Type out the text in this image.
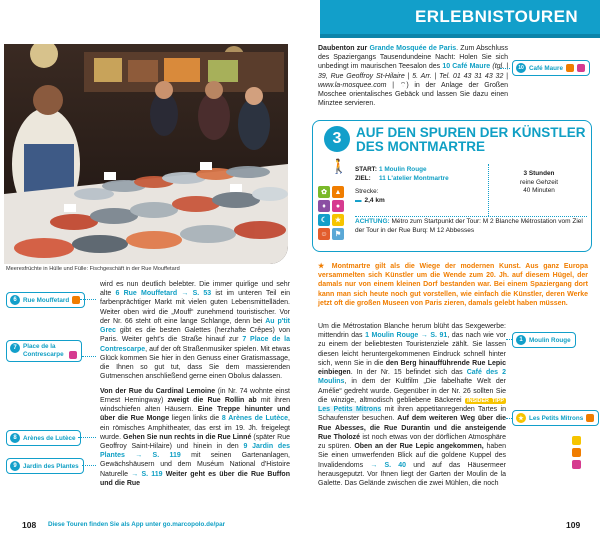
ERLEBNISTOUREN
Meeresfrüchte in Hülle und Fülle: Fischgeschäft in der Rue Mouffetard
6	Rue Mouffetard
7	Place de la Contrescarpe
8	Arènes de Lutèce
9	Jardin des Plantes

wird es nun deutlich belebter. Die immer quirlige und sehr alte 6 Rue Mouffetard → S. 53 ist im unteren Teil ein farbenprächtiger Markt mit vielen guten Lebensmittelläden. Weiter oben wird die „Mouff“ zunehmend touristischer. Vor der Nr. 66 steht oft eine lange Schlange, denn bei Au p'tit Grec gibt es die besten Galettes (herzhafte Crêpes) von Paris. Weiter geht's die Straße hinauf zur 7 Place de la Contrescarpe, auf der oft Straßenmusiker spielen. Mit etwas Glück kommen Sie hier in den Genuss einer Gratismassage, die Ihnen so gut tut, dass Sie dem massierenden Gutmenschen anschließend gerne einen Obolus dalassen.

Von der Rue du Cardinal Lemoine (in Nr. 74 wohnte einst Ernest Hemingway) zweigt die Rue Rollin ab mit ihren windschiefen alten Häusern. Eine Treppe hinunter und über die Rue Monge liegen links die 8 Arènes de Lutèce, ein römisches Amphitheater, das erst im 19. Jh. freigelegt wurde. Gehen Sie nun rechts in die Rue Linné (später Rue Geoffroy Saint-Hilaire) und hinein in den 9 Jardin des Plantes → S. 119 mit seinen Gartenanlagen, Gewächshäusern und dem Muséum National d'Histoire Naturelle → S. 119 Weiter geht es über die Rue Buffon und die Rue

Daubenton zur Grande Mosquée de Paris. Zum Abschluss des Spaziergangs Tausendundeine Nacht: Holen Sie sich unbedingt im maurischen Teesalon des 10 Café Maure (tgl. | 39, Rue Geoffroy St-Hilaire | 5. Arr. | Tel. 01 43 31 43 32 | www.la-mosquee.com | ⌔) in der Anlage der Großen Moschee orientalisches Gebäck und lassen Sie dazu einen Minztee servieren.
10 Café Maure
3
🚶
AUF DEN SPUREN DER KÜNSTLER DES MONTMARTRE
START: 1 Moulin Rouge
ZIEL:	11 L'atelier Montmartre
Strecke:
▬ 2,4 km
3 Stunden
reine Gehzeit
40 Minuten
✿	▲
♦	●
☾	★
☺	⚑
ACHTUNG: Métro zum Startpunkt der Tour: M 2 Blanche Métrostation vom Ziel der Tour in der Rue Burq: M 12 Abbesses
★ Montmartre gilt als die Wiege der modernen Kunst. Aus ganz Europa versammelten sich Künstler um die Wende zum 20. Jh. auf diesem Hügel, der damals nur von einem kleinen Dorf bestanden war. Bei einem Spaziergang dort kann man sich heute noch gut vorstellen, wie einfach die Künstler, deren Werke jetzt oft die großen Museen von Paris zieren, damals gelebt haben müssen.
Um die Métrostation Blanche herum blüht das Sexgewerbe: mittendrin das 1 Moulin Rouge → S. 91, das nach wie vor zu einem der beliebtesten Touristenziele zählt. Sie lassen diesen leicht heruntergekommenen Eindruck schnell hinter sich, wenn Sie in die den Berg hinaufführende Rue Lepic einbiegen. In der Nr. 15 befindet sich das Café des 2 Moulins, in dem der Kultfilm „Die fabelhafte Welt der Amélie“ gedreht wurde. Gegenüber in der Nr. 26 sollten Sie die winzige, altmodisch gebliebene Bäckerei INSIDER TIPP Les Petits Mitrons mit ihren appetitanregenden Tartes in Schaufenster besuchen. Auf dem weiteren Weg über die Rue Abesses, die Rue Durantin und die ansteigende Rue Tholozé ist noch etwas von der dörflichen Atmosphäre zu spüren. Oben an der Rue Lepic angekommen, haben Sie einen umwerfenden Blick auf die goldene Kuppel des Invalidendoms → S. 40 und auf das Häusermeer herausgeputzt. Vor Ihnen liegt der Garten der Moulin de la Galette. Das Gelände zwischen die zwei Mühlen, die noch
1	Moulin Rouge
★ Les Petits Mitrons
108 Diese Touren finden Sie als App unter go.marcopolo.de/par	109
